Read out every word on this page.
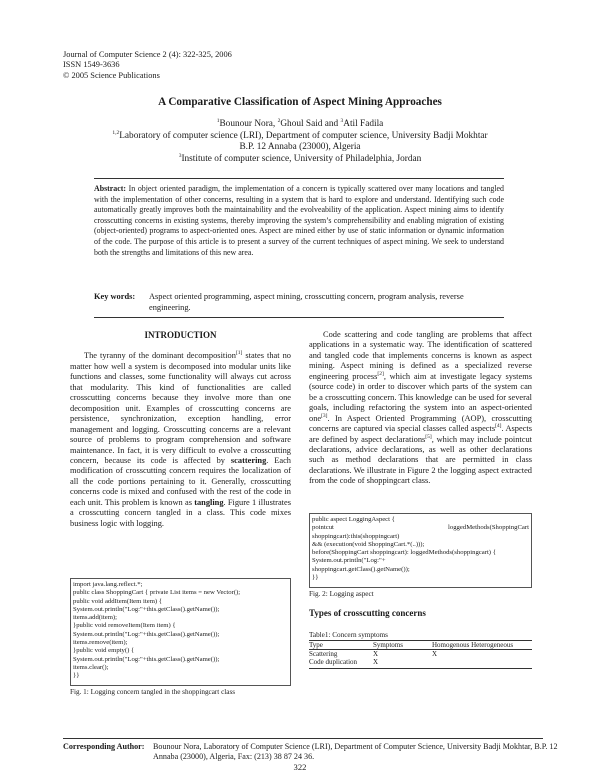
Journal of Computer Science 2 (4): 322-325, 2006
ISSN 1549-3636
© 2005 Science Publications
A Comparative Classification of Aspect Mining Approaches
$^1$Bounour Nora, $^2$Ghoul Said and $^3$Atil Fadila
$^{1,2}$Laboratory of computer science (LRI), Department of computer science, University Badji Mokhtar
B.P. 12 Annaba (23000), Algeria
$^3$Institute of computer science, University of Philadelphia, Jordan
Abstract: In object oriented paradigm, the implementation of a concern is typically scattered over many locations and tangled with the implementation of other concerns, resulting in a system that is hard to explore and understand. Identifying such code automatically greatly improves both the maintainability and the evolveability of the application. Aspect mining aims to identify crosscutting concerns in existing systems, thereby improving the system’s comprehensibility and enabling migration of existing (object-oriented) programs to aspect-oriented ones. Aspect are mined either by use of static information or dynamic information of the code. The purpose of this article is to present a survey of the current techniques of aspect mining. We seek to understand both the strengths and limitations of this new area.
Key words: Aspect oriented programming, aspect mining, crosscutting concern, program analysis, reverse engineering.
INTRODUCTION

The tyranny of the dominant decomposition[1] states that no matter how well a system is decomposed into modular units like functions and classes, some functionality will always cut across that modularity. This kind of functionalities are called crosscutting concerns because they involve more than one decomposition unit. Examples of crosscutting concerns are persistence, synchronization, exception handling, error management and logging. Crosscutting concerns are a relevant source of problems to program comprehension and software maintenance. In fact, it is very difficult to evolve a crosscutting concern, because its code is affected by scattering. Each modification of crosscutting concern requires the localization of all the code portions pertaining to it. Generally, crosscutting concerns code is mixed and confused with the rest of the code in each unit. This problem is known as tangling. Figure 1 illustrates a crosscutting concern tangled in a class. This code mixes business logic with logging.

import java.lang.reflect.*;
public class ShoppingCart { private List items = new Vector();
public void addItem(Item item) {
System.out.println("Log:"+this.getClass().getName());
items.add(item);
}public void removeItem(Item item) {
System.out.println("Log:"+this.getClass().getName());
items.remove(item);
}public void empty() {
System.out.println("Log:"+this.getClass().getName());
items.clear();
}}
Fig. 1: Logging concern tangled in the shoppingcart class

Code scattering and code tangling are problems that affect applications in a systematic way. The identification of scattered and tangled code that implements concerns is known as aspect mining. Aspect mining is defined as a specialized reverse engineering process[2], which aim at investigate legacy systems (source code) in order to discover which parts of the system can be a crosscutting concern. This knowledge can be used for several goals, including refactoring the system into an aspect-oriented one[3]. In Aspect Oriented Programming (AOP), crosscutting concerns are captured via special classes called aspects[4]. Aspects are defined by aspect declarations[5], which may include pointcut declarations, advice declarations, as well as other declarations such as method declarations that are permitted in class declarations. We illustrate in Figure 2 the logging aspect extracted from the code of shoppingcart class.

public aspect LoggingAspect {
pointcut	loggedMethods(ShoppingCart
shoppingcart):this(shoppingcart)
&& (execution(void ShoppingCart.*(..)));
before(ShoppingCart shoppingcart): loggedMethods(shoppingcart) {
System.out.println("Log:"+
shoppingcart.getClass().getName());
}}
Fig. 2: Logging aspect
Types of crosscutting concerns
Table1: Concern symptoms
Type	Symptoms	Homogenous Heterogeneous
Scattering	X	X
Code duplication	X	
Corresponding Author: Bounour Nora, Laboratory of Computer Science (LRI), Department of Computer Science, University Badji Mokhtar, B.P. 12 Annaba (23000), Algeria, Fax: (213) 38 87 24 36.
322
